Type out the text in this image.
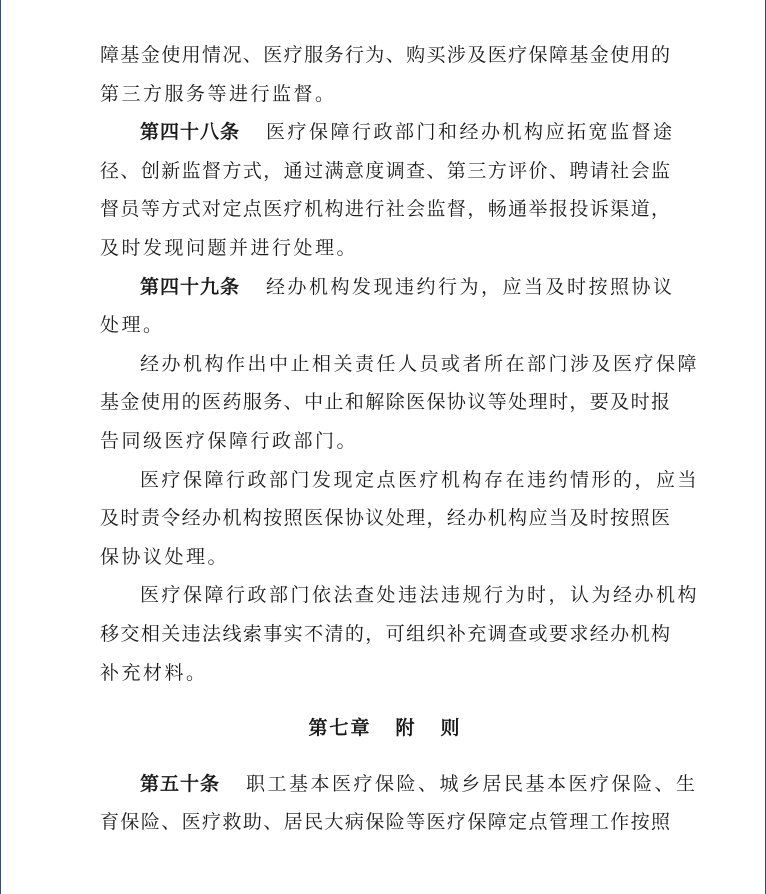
障基金使用情况、医疗服务行为、购买涉及医疗保障基金使用的
第三方服务等进行监督。
第四十八条 医疗保障行政部门和经办机构应拓宽监督途
径、创新监督方式，通过满意度调查、第三方评价、聘请社会监
督员等方式对定点医疗机构进行社会监督，畅通举报投诉渠道，
及时发现问题并进行处理。
第四十九条 经办机构发现违约行为，应当及时按照协议
处理。
经办机构作出中止相关责任人员或者所在部门涉及医疗保障
基金使用的医药服务、中止和解除医保协议等处理时，要及时报
告同级医疗保障行政部门。
医疗保障行政部门发现定点医疗机构存在违约情形的，应当
及时责令经办机构按照医保协议处理，经办机构应当及时按照医
保协议处理。
医疗保障行政部门依法查处违法违规行为时，认为经办机构
移交相关违法线索事实不清的，可组织补充调查或要求经办机构
补充材料。
第七章 附 则
第五十条 职工基本医疗保险、城乡居民基本医疗保险、生
育保险、医疗救助、居民大病保险等医疗保障定点管理工作按照
